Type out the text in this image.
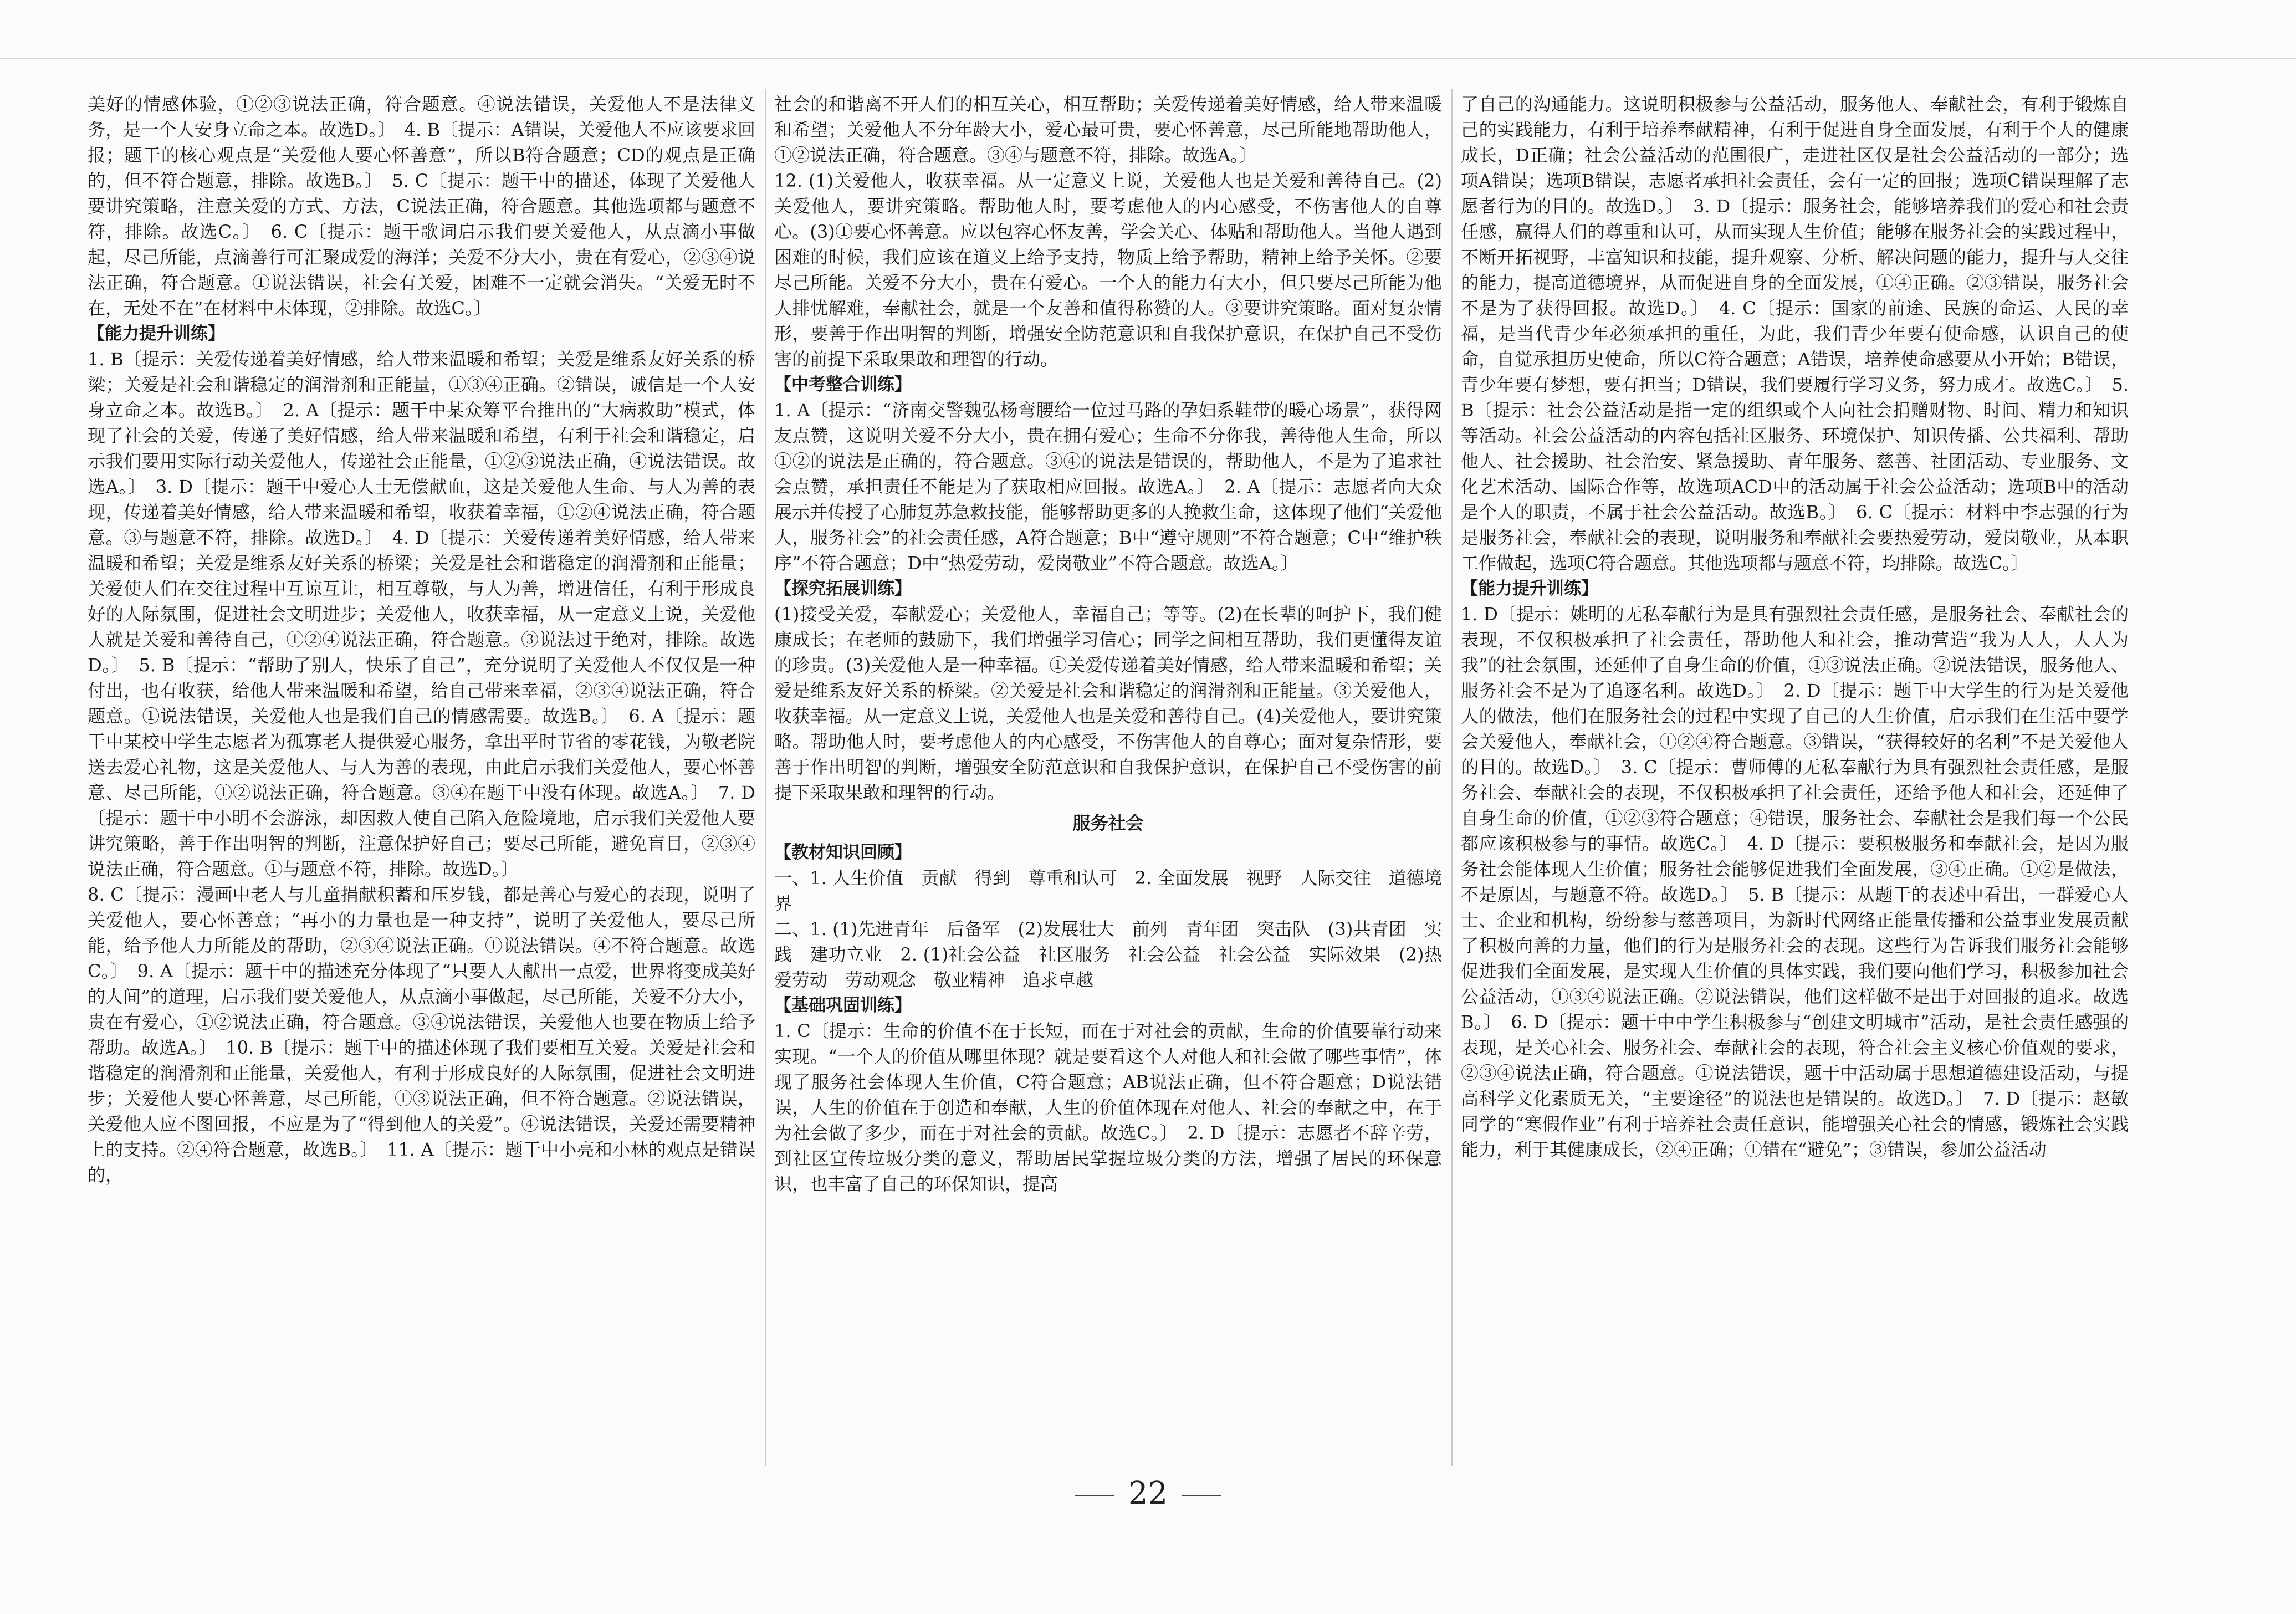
美好的情感体验，①②③说法正确，符合题意。④说法错误，关爱他人不是法律义务，是一个人安身立命之本。故选D。〕　4. B〔提示：A错误，关爱他人不应该要求回报；题干的核心观点是“关爱他人要心怀善意”，所以B符合题意；CD的观点是正确的，但不符合题意，排除。故选B。〕　5. C〔提示：题干中的描述，体现了关爱他人要讲究策略，注意关爱的方式、方法，C说法正确，符合题意。其他选项都与题意不符，排除。故选C。〕　6. C〔提示：题干歌词启示我们要关爱他人，从点滴小事做起，尽己所能，点滴善行可汇聚成爱的海洋；关爱不分大小，贵在有爱心，②③④说法正确，符合题意。①说法错误，社会有关爱，困难不一定就会消失。“关爱无时不在，无处不在”在材料中未体现，②排除。故选C。〕

【能力提升训练】

1. B〔提示：关爱传递着美好情感，给人带来温暖和希望；关爱是维系友好关系的桥梁；关爱是社会和谐稳定的润滑剂和正能量，①③④正确。②错误，诚信是一个人安身立命之本。故选B。〕　2. A〔提示：题干中某众筹平台推出的“大病救助”模式，体现了社会的关爱，传递了美好情感，给人带来温暖和希望，有利于社会和谐稳定，启示我们要用实际行动关爱他人，传递社会正能量，①②③说法正确，④说法错误。故选A。〕　3. D〔提示：题干中爱心人士无偿献血，这是关爱他人生命、与人为善的表现，传递着美好情感，给人带来温暖和希望，收获着幸福，①②④说法正确，符合题意。③与题意不符，排除。故选D。〕　4. D〔提示：关爱传递着美好情感，给人带来温暖和希望；关爱是维系友好关系的桥梁；关爱是社会和谐稳定的润滑剂和正能量；关爱使人们在交往过程中互谅互让，相互尊敬，与人为善，增进信任，有利于形成良好的人际氛围，促进社会文明进步；关爱他人，收获幸福，从一定意义上说，关爱他人就是关爱和善待自己，①②④说法正确，符合题意。③说法过于绝对，排除。故选D。〕　5. B〔提示：“帮助了别人，快乐了自己”，充分说明了关爱他人不仅仅是一种付出，也有收获，给他人带来温暖和希望，给自己带来幸福，②③④说法正确，符合题意。①说法错误，关爱他人也是我们自己的情感需要。故选B。〕　6. A〔提示：题干中某校中学生志愿者为孤寡老人提供爱心服务，拿出平时节省的零花钱，为敬老院送去爱心礼物，这是关爱他人、与人为善的表现，由此启示我们关爱他人，要心怀善意、尽己所能，①②说法正确，符合题意。③④在题干中没有体现。故选A。〕　7. D〔提示：题干中小明不会游泳，却因救人使自己陷入危险境地，启示我们关爱他人要讲究策略，善于作出明智的判断，注意保护好自己；要尽己所能，避免盲目，②③④说法正确，符合题意。①与题意不符，排除。故选D。〕

8. C〔提示：漫画中老人与儿童捐献积蓄和压岁钱，都是善心与爱心的表现，说明了关爱他人，要心怀善意；“再小的力量也是一种支持”，说明了关爱他人，要尽己所能，给予他人力所能及的帮助，②③④说法正确。①说法错误。④不符合题意。故选C。〕　9. A〔提示：题干中的描述充分体现了“只要人人献出一点爱，世界将变成美好的人间”的道理，启示我们要关爱他人，从点滴小事做起，尽己所能，关爱不分大小，贵在有爱心，①②说法正确，符合题意。③④说法错误，关爱他人也要在物质上给予帮助。故选A。〕　10. B〔提示：题干中的描述体现了我们要相互关爱。关爱是社会和谐稳定的润滑剂和正能量，关爱他人，有利于形成良好的人际氛围，促进社会文明进步；关爱他人要心怀善意，尽己所能，①③说法正确，但不符合题意。②说法错误，关爱他人应不图回报，不应是为了“得到他人的关爱”。④说法错误，关爱还需要精神上的支持。②④符合题意，故选B。〕　11. A〔提示：题干中小亮和小林的观点是错误的，

社会的和谐离不开人们的相互关心，相互帮助；关爱传递着美好情感，给人带来温暖和希望；关爱他人不分年龄大小，爱心最可贵，要心怀善意，尽己所能地帮助他人，①②说法正确，符合题意。③④与题意不符，排除。故选A。〕

12. (1)关爱他人，收获幸福。从一定意义上说，关爱他人也是关爱和善待自己。(2)关爱他人，要讲究策略。帮助他人时，要考虑他人的内心感受，不伤害他人的自尊心。(3)①要心怀善意。应以包容心怀友善，学会关心、体贴和帮助他人。当他人遇到困难的时候，我们应该在道义上给予支持，物质上给予帮助，精神上给予关怀。②要尽己所能。关爱不分大小，贵在有爱心。一个人的能力有大小，但只要尽己所能为他人排忧解难，奉献社会，就是一个友善和值得称赞的人。③要讲究策略。面对复杂情形，要善于作出明智的判断，增强安全防范意识和自我保护意识，在保护自己不受伤害的前提下采取果敢和理智的行动。

【中考整合训练】

1. A〔提示：“济南交警魏弘杨弯腰给一位过马路的孕妇系鞋带的暖心场景”，获得网友点赞，这说明关爱不分大小，贵在拥有爱心；生命不分你我，善待他人生命，所以①②的说法是正确的，符合题意。③④的说法是错误的，帮助他人，不是为了追求社会点赞，承担责任不能是为了获取相应回报。故选A。〕　2. A〔提示：志愿者向大众展示并传授了心肺复苏急救技能，能够帮助更多的人挽救生命，这体现了他们“关爱他人，服务社会”的社会责任感，A符合题意；B中“遵守规则”不符合题意；C中“维护秩序”不符合题意；D中“热爱劳动，爱岗敬业”不符合题意。故选A。〕

【探究拓展训练】

(1)接受关爱，奉献爱心；关爱他人，幸福自己；等等。(2)在长辈的呵护下，我们健康成长；在老师的鼓励下，我们增强学习信心；同学之间相互帮助，我们更懂得友谊的珍贵。(3)关爱他人是一种幸福。①关爱传递着美好情感，给人带来温暖和希望；关爱是维系友好关系的桥梁。②关爱是社会和谐稳定的润滑剂和正能量。③关爱他人，收获幸福。从一定意义上说，关爱他人也是关爱和善待自己。(4)关爱他人，要讲究策略。帮助他人时，要考虑他人的内心感受，不伤害他人的自尊心；面对复杂情形，要善于作出明智的判断，增强安全防范意识和自我保护意识，在保护自己不受伤害的前提下采取果敢和理智的行动。

服务社会
【教材知识回顾】
一、1. 人生价值　贡献　得到　尊重和认可　2. 全面发展　视野　人际交往　道德境界
二、1. (1)先进青年　后备军　(2)发展壮大　前列　青年团　突击队　(3)共青团　实践　建功立业　2. (1)社会公益　社区服务　社会公益　社会公益　实际效果　(2)热爱劳动　劳动观念　敬业精神　追求卓越
【基础巩固训练】

1. C〔提示：生命的价值不在于长短，而在于对社会的贡献，生命的价值要靠行动来实现。“一个人的价值从哪里体现？就是要看这个人对他人和社会做了哪些事情”，体现了服务社会体现人生价值，C符合题意；AB说法正确，但不符合题意；D说法错误，人生的价值在于创造和奉献，人生的价值体现在对他人、社会的奉献之中，在于为社会做了多少，而在于对社会的贡献。故选C。〕　2. D〔提示：志愿者不辞辛劳，到社区宣传垃圾分类的意义，帮助居民掌握垃圾分类的方法，增强了居民的环保意识，也丰富了自己的环保知识，提高

了自己的沟通能力。这说明积极参与公益活动，服务他人、奉献社会，有利于锻炼自己的实践能力，有利于培养奉献精神，有利于促进自身全面发展，有利于个人的健康成长，D正确；社会公益活动的范围很广，走进社区仅是社会公益活动的一部分；选项A错误；选项B错误，志愿者承担社会责任，会有一定的回报；选项C错误理解了志愿者行为的目的。故选D。〕　3. D〔提示：服务社会，能够培养我们的爱心和社会责任感，赢得人们的尊重和认可，从而实现人生价值；能够在服务社会的实践过程中，不断开拓视野，丰富知识和技能，提升观察、分析、解决问题的能力，提升与人交往的能力，提高道德境界，从而促进自身的全面发展，①④正确。②③错误，服务社会不是为了获得回报。故选D。〕　4. C〔提示：国家的前途、民族的命运、人民的幸福，是当代青少年必须承担的重任，为此，我们青少年要有使命感，认识自己的使命，自觉承担历史使命，所以C符合题意；A错误，培养使命感要从小开始；B错误，青少年要有梦想，要有担当；D错误，我们要履行学习义务，努力成才。故选C。〕　5. B〔提示：社会公益活动是指一定的组织或个人向社会捐赠财物、时间、精力和知识等活动。社会公益活动的内容包括社区服务、环境保护、知识传播、公共福利、帮助他人、社会援助、社会治安、紧急援助、青年服务、慈善、社团活动、专业服务、文化艺术活动、国际合作等，故选项ACD中的活动属于社会公益活动；选项B中的活动是个人的职责，不属于社会公益活动。故选B。〕　6. C〔提示：材料中李志强的行为是服务社会，奉献社会的表现，说明服务和奉献社会要热爱劳动，爱岗敬业，从本职工作做起，选项C符合题意。其他选项都与题意不符，均排除。故选C。〕

【能力提升训练】

1. D〔提示：姚明的无私奉献行为是具有强烈社会责任感，是服务社会、奉献社会的表现，不仅积极承担了社会责任，帮助他人和社会，推动营造“我为人人，人人为我”的社会氛围，还延伸了自身生命的价值，①③说法正确。②说法错误，服务他人、服务社会不是为了追逐名利。故选D。〕　2. D〔提示：题干中大学生的行为是关爱他人的做法，他们在服务社会的过程中实现了自己的人生价值，启示我们在生活中要学会关爱他人，奉献社会，①②④符合题意。③错误，“获得较好的名利”不是关爱他人的目的。故选D。〕　3. C〔提示：曹师傅的无私奉献行为具有强烈社会责任感，是服务社会、奉献社会的表现，不仅积极承担了社会责任，还给予他人和社会，还延伸了自身生命的价值，①②③符合题意；④错误，服务社会、奉献社会是我们每一个公民都应该积极参与的事情。故选C。〕　4. D〔提示：要积极服务和奉献社会，是因为服务社会能体现人生价值；服务社会能够促进我们全面发展，③④正确。①②是做法，不是原因，与题意不符。故选D。〕　5. B〔提示：从题干的表述中看出，一群爱心人士、企业和机构，纷纷参与慈善项目，为新时代网络正能量传播和公益事业发展贡献了积极向善的力量，他们的行为是服务社会的表现。这些行为告诉我们服务社会能够促进我们全面发展，是实现人生价值的具体实践，我们要向他们学习，积极参加社会公益活动，①③④说法正确。②说法错误，他们这样做不是出于对回报的追求。故选B。〕　6. D〔提示：题干中中学生积极参与“创建文明城市”活动，是社会责任感强的表现，是关心社会、服务社会、奉献社会的表现，符合社会主义核心价值观的要求，②③④说法正确，符合题意。①说法错误，题干中活动属于思想道德建设活动，与提高科学文化素质无关，“主要途径”的说法也是错误的。故选D。〕　7. D〔提示：赵敏同学的“寒假作业”有利于培养社会责任意识，能增强关心社会的情感，锻炼社会实践能力，利于其健康成长，②④正确；①错在“避免”；③错误，参加公益活动

22
